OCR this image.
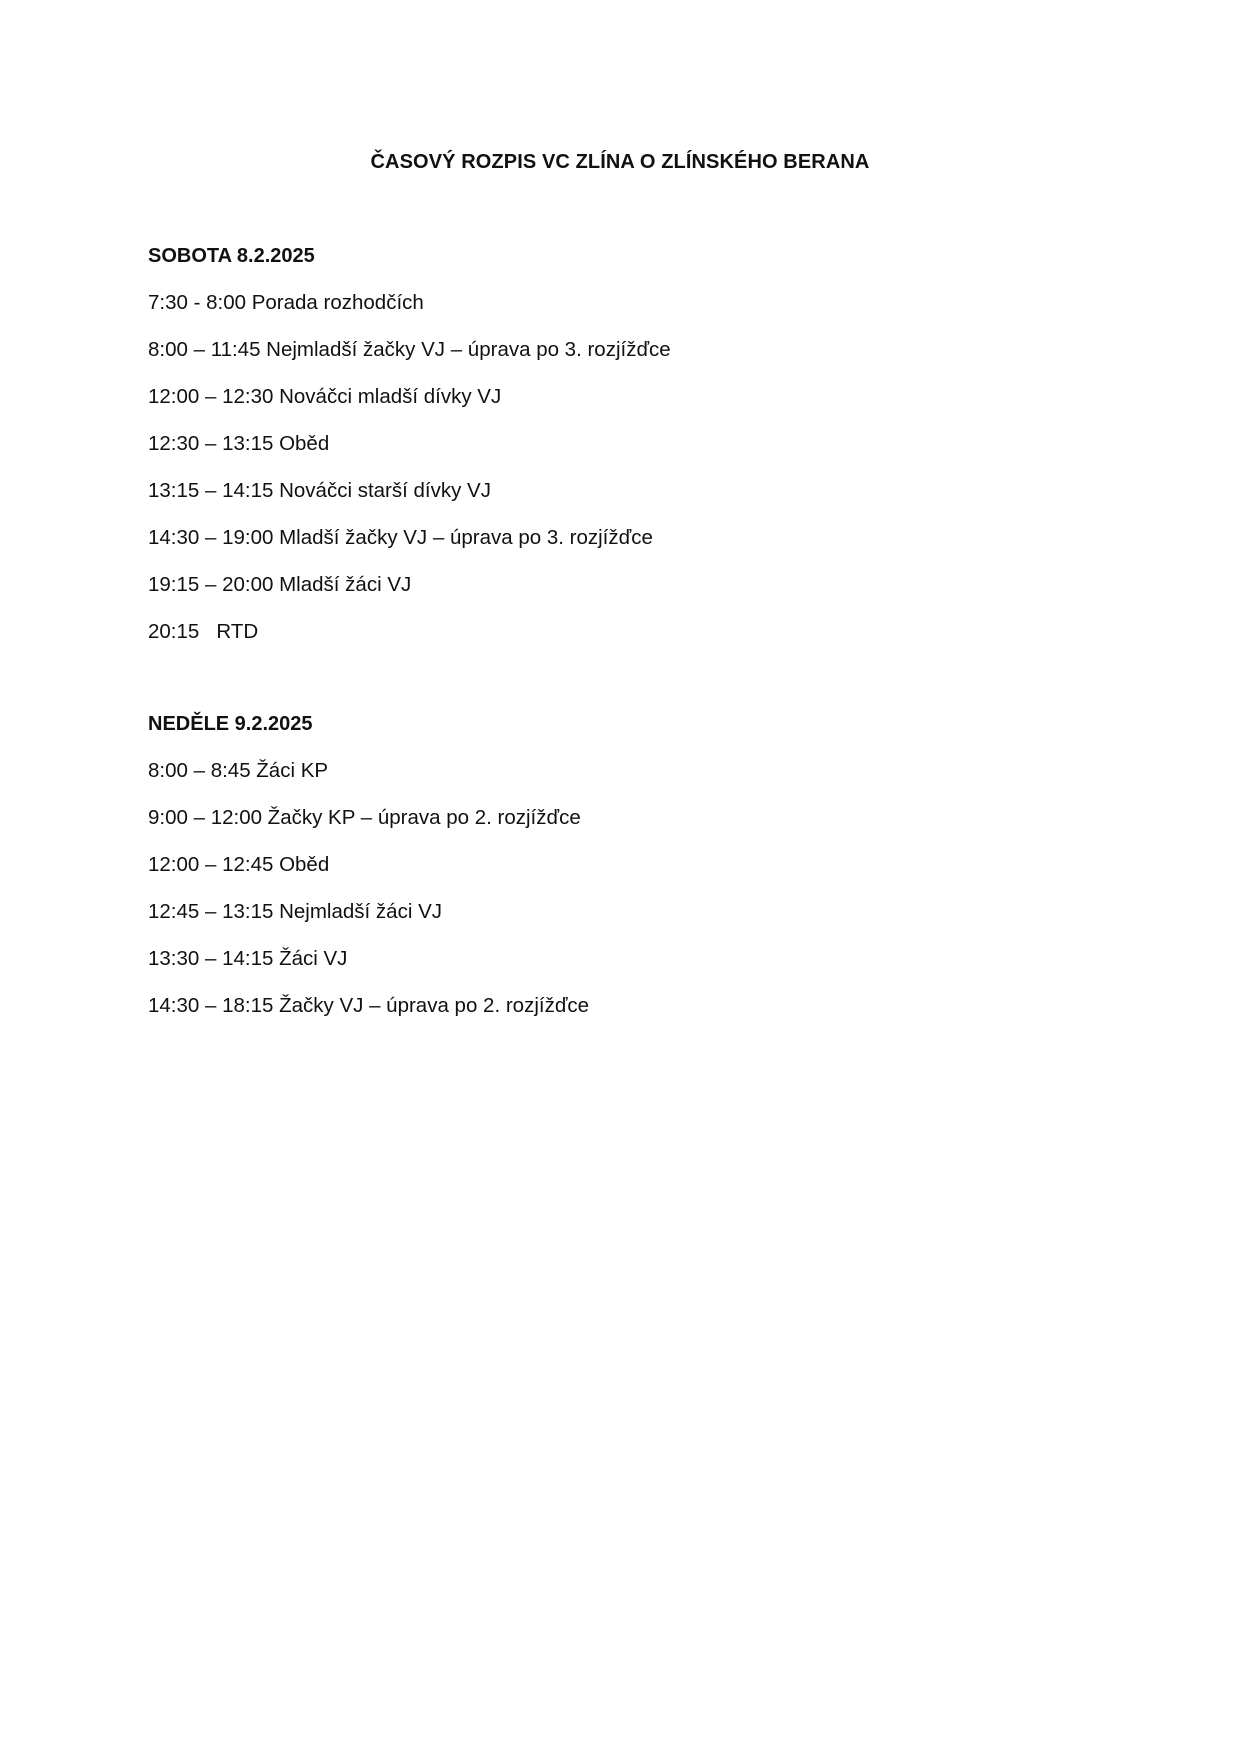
ČASOVÝ ROZPIS VC ZLÍNA O ZLÍNSKÉHO BERANA
SOBOTA 8.2.2025
7:30 - 8:00 Porada rozhodčích
8:00 – 11:45 Nejmladší žačky VJ – úprava po 3. rozjížďce
12:00 – 12:30 Nováčci mladší dívky VJ
12:30 – 13:15 Oběd
13:15 – 14:15 Nováčci starší dívky VJ
14:30 – 19:00 Mladší žačky VJ – úprava po 3. rozjížďce
19:15 – 20:00 Mladší žáci VJ
20:15   RTD
NEDĚLE 9.2.2025
8:00 – 8:45 Žáci KP
9:00 – 12:00 Žačky KP – úprava po 2. rozjížďce
12:00 – 12:45 Oběd
12:45 – 13:15 Nejmladší žáci VJ
13:30 – 14:15 Žáci VJ
14:30 – 18:15 Žačky VJ – úprava po 2. rozjížďce
